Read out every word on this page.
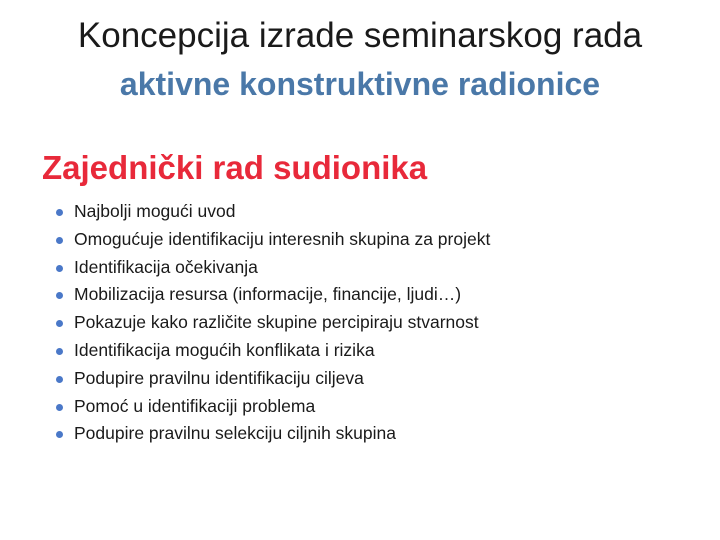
Koncepcija izrade seminarskog rada
aktivne konstruktivne radionice
Zajednički rad sudionika
Najbolji mogući uvod
Omogućuje identifikaciju interesnih skupina za projekt
Identifikacija očekivanja
Mobilizacija resursa (informacije, financije, ljudi…)
Pokazuje kako različite skupine percipiraju stvarnost
Identifikacija mogućih konflikata i rizika
Podupire pravilnu identifikaciju ciljeva
Pomoć u identifikaciji problema
Podupire pravilnu selekciju ciljnih skupina
